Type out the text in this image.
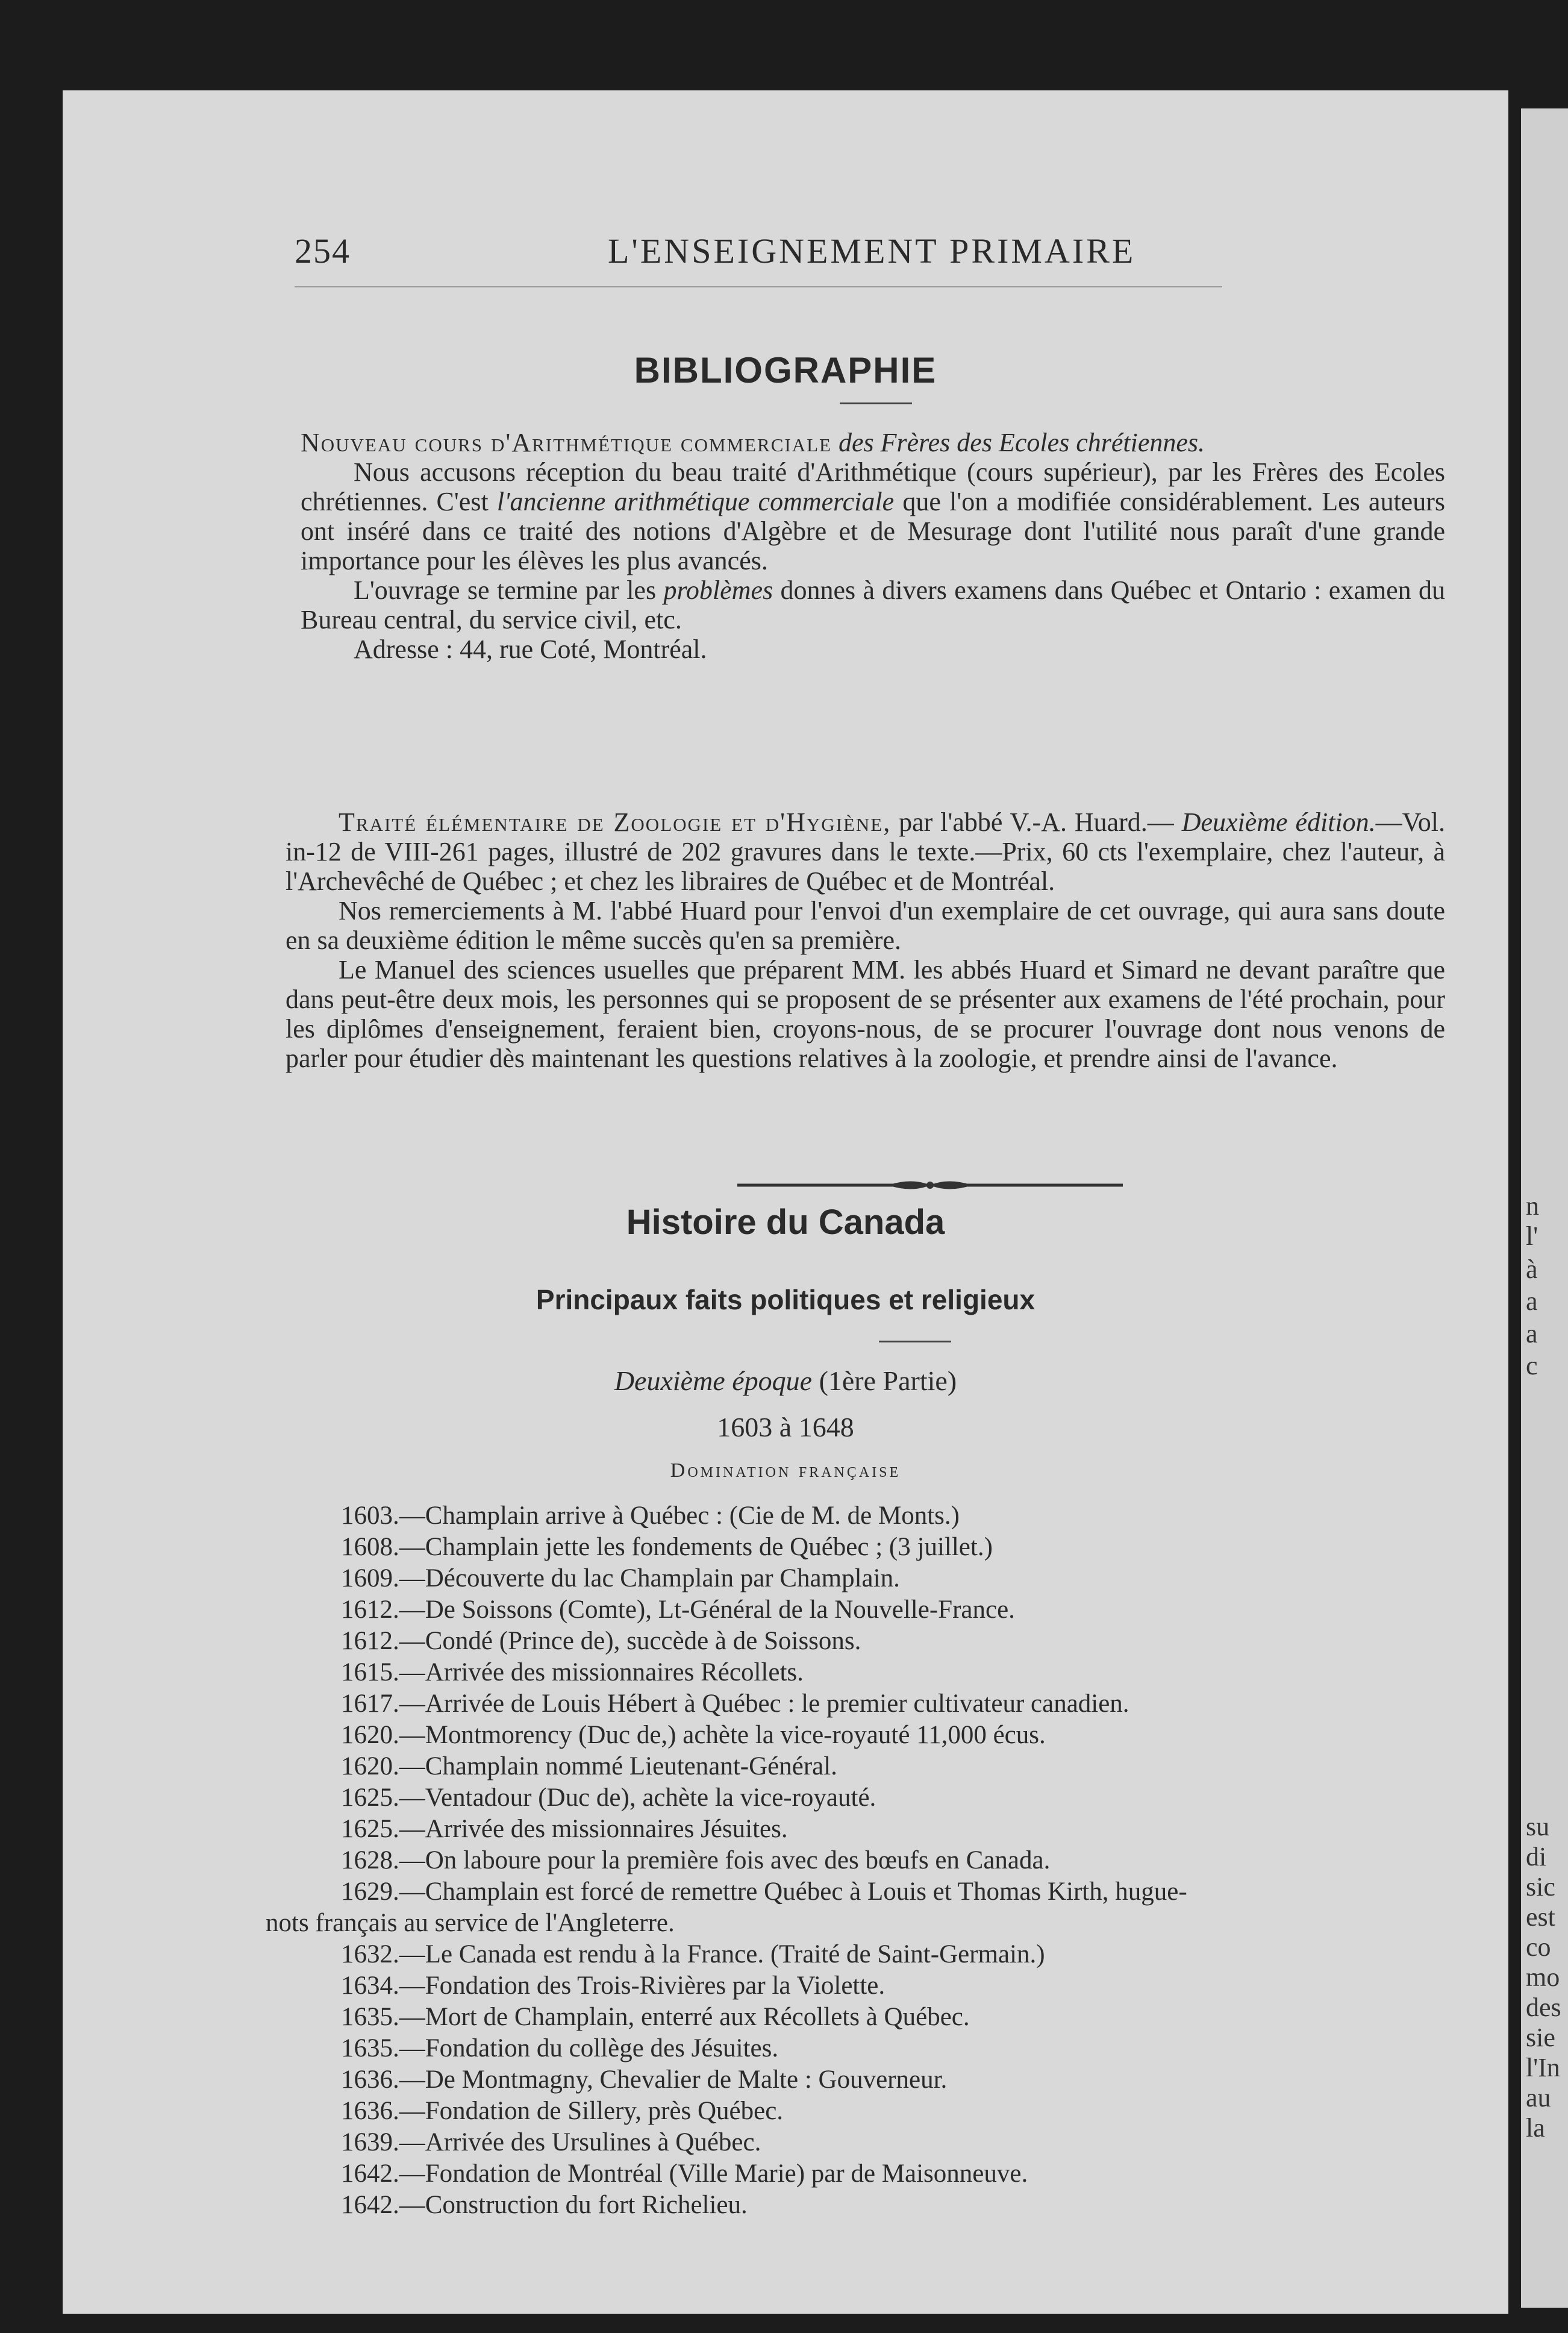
254	L'ENSEIGNEMENT PRIMAIRE
BIBLIOGRAPHIE

Nouveau cours d'Arithmétique commerciale des Frères des Ecoles chrétiennes.
  Nous accusons réception du beau traité d'Arithmétique (cours supérieur), par les Frères des Ecoles chrétiennes. C'est l'ancienne arithmétique commerciale que l'on a modifiée considérablement. Les auteurs ont inséré dans ce traité des notions d'Algèbre et de Mesurage dont l'utilité nous paraît d'une grande importance pour les élèves les plus avancés.
  L'ouvrage se termine par les problèmes donnes à divers examens dans Québec et Ontario : examen du Bureau central, du service civil, etc.
  Adresse : 44, rue Coté, Montréal.

  Traité élémentaire de Zoologie et d'Hygiène, par l'abbé V.-A. Huard.— Deuxième édition.—Vol. in-12 de VIII-261 pages, illustré de 202 gravures dans le texte.—Prix, 60 cts l'exemplaire, chez l'auteur, à l'Archevêché de Québec ; et chez les libraires de Québec et de Montréal.
  Nos remerciements à M. l'abbé Huard pour l'envoi d'un exemplaire de cet ouvrage, qui aura sans doute en sa deuxième édition le même succès qu'en sa première.
  Le Manuel des sciences usuelles que préparent MM. les abbés Huard et Simard ne devant paraître que dans peut-être deux mois, les personnes qui se proposent de se présenter aux examens de l'été prochain, pour les diplômes d'enseignement, feraient bien, croyons-nous, de se procurer l'ouvrage dont nous venons de parler pour étudier dès maintenant les questions relatives à la zoologie, et prendre ainsi de l'avance.

Histoire du Canada
Principaux faits politiques et religieux
Deuxième époque (1ère Partie)
1603 à 1648
Domination française
1603.—Champlain arrive à Québec : (Cie de M. de Monts.)
1608.—Champlain jette les fondements de Québec ; (3 juillet.)
1609.—Découverte du lac Champlain par Champlain.
1612.—De Soissons (Comte), Lt-Général de la Nouvelle-France.
1612.—Condé (Prince de), succède à de Soissons.
1615.—Arrivée des missionnaires Récollets.
1617.—Arrivée de Louis Hébert à Québec : le premier cultivateur canadien.
1620.—Montmorency (Duc de,) achète la vice-royauté 11,000 écus.
1620.—Champlain nommé Lieutenant-Général.
1625.—Ventadour (Duc de), achète la vice-royauté.
1625.—Arrivée des missionnaires Jésuites.
1628.—On laboure pour la première fois avec des bœufs en Canada.
1629.—Champlain est forcé de remettre Québec à Louis et Thomas Kirth, hugue-
nots français au service de l'Angleterre.
1632.—Le Canada est rendu à la France. (Traité de Saint-Germain.)
1634.—Fondation des Trois-Rivières par la Violette.
1635.—Mort de Champlain, enterré aux Récollets à Québec.
1635.—Fondation du collège des Jésuites.
1636.—De Montmagny, Chevalier de Malte : Gouverneur.
1636.—Fondation de Sillery, près Québec.
1639.—Arrivée des Ursulines à Québec.
1642.—Fondation de Montréal (Ville Marie) par de Maisonneuve.
1642.—Construction du fort Richelieu.
n
l'
à
a
a
c
su
di
sic
est
co
mo
des
sie
l'In
au
la
